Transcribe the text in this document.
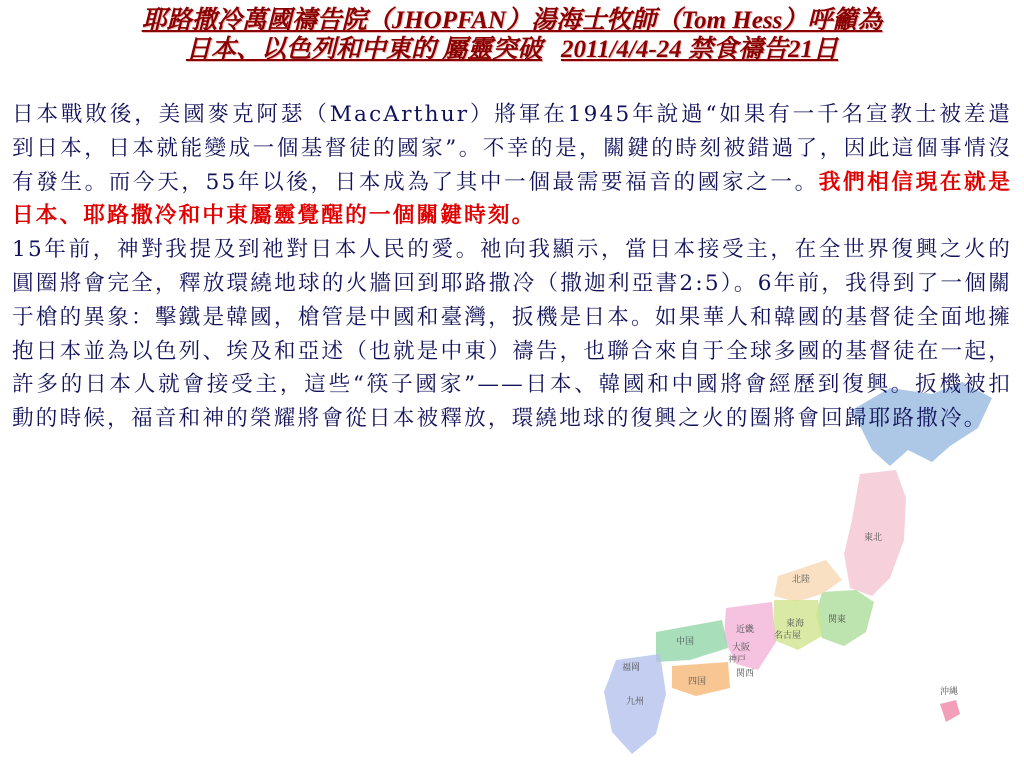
耶路撒冷萬國禱告院（JHOPFAN）湯海士牧師（Tom Hess）呼籲為
日本、以色列和中東的 屬靈突破 2011/4/4-24 禁食禱告21日
東北
関東
北陸
東海
名古屋
近畿
大阪
神戸
関西
中国
四国
福岡
九州
沖縄

日本戰敗後，美國麥克阿瑟（MacArthur）將軍在1945年說過“如果有一千名宣教士被差遣到日本，日本就能變成一個基督徒的國家”。不幸的是，關鍵的時刻被錯過了，因此這個事情沒有發生。而今天，55年以後，日本成為了其中一個最需要福音的國家之一。我們相信現在就是日本、耶路撒冷和中東屬靈覺醒的一個關鍵時刻。
15年前，神對我提及到祂對日本人民的愛。祂向我顯示，當日本接受主，在全世界復興之火的圓圈將會完全，釋放環繞地球的火牆回到耶路撒冷（撒迦利亞書2:5）。6年前，我得到了一個關于槍的異象：擊鐵是韓國，槍管是中國和臺灣，扳機是日本。如果華人和韓國的基督徒全面地擁抱日本並為以色列、埃及和亞述（也就是中東）禱告，也聯合來自于全球多國的基督徒在一起，許多的日本人就會接受主，這些“筷子國家”——日本、韓國和中國將會經歷到復興。扳機被扣動的時候，福音和神的榮耀將會從日本被釋放，環繞地球的復興之火的圈將會回歸耶路撒冷。
